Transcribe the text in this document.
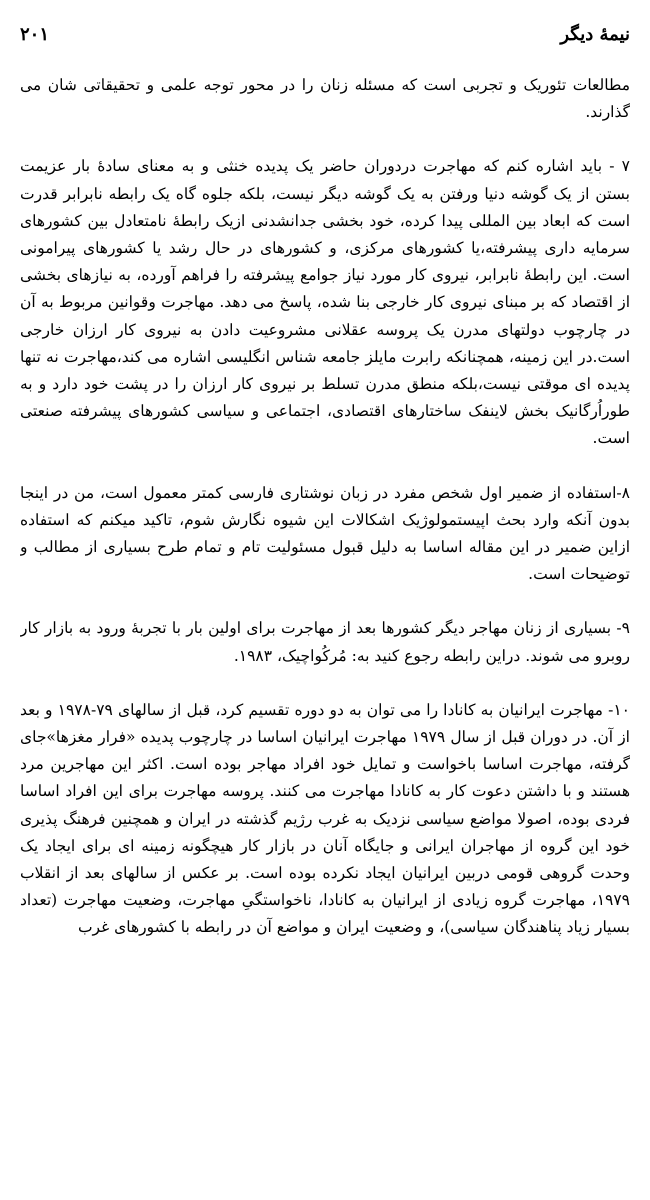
نیمهٔ دیگر
۲۰۱

مطالعات تئوریک و تجربی است که مسئله زنان را در محور توجه علمی و تحقیقاتی شان می گذارند.

۷ - باید اشاره کنم که مهاجرت دردوران حاضر یک پدیده خنثی و به معنای سادهٔ بار عزیمت بستن از یک گوشه دنیا ورفتن به یک گوشه دیگر نیست، بلکه جلوه گاه یک رابطه نابرابر قدرت است که ابعاد بین المللی پیدا کرده، خود بخشی جدانشدنی ازیک رابطهٔ نامتعادل بین کشورهای سرمایه داری پیشرفته،یا کشورهای مرکزی، و کشورهای در حال رشد یا کشورهای پیرامونی است. این رابطهٔ نابرابر، نیروی کار مورد نیاز جوامع پیشرفته را فراهم آورده، به نیازهای بخشی از اقتصاد که بر مبنای نیروی کار خارجی بنا شده، پاسخ می دهد. مهاجرت وقوانین مربوط به آن در چارچوب دولتهای مدرن یک پروسه عقلانی مشروعیت دادن به نیروی کار ارزان خارجی است.در این زمینه، همچنانکه رابرت مایلز جامعه شناس انگلیسی اشاره می کند،مهاجرت نه تنها پدیده ای موقتی نیست،بلکه منطق مدرن تسلط بر نیروی کار ارزان را در پشت خود دارد و به طوراُرگانیک بخش لاینفک ساختارهای اقتصادی، اجتماعی و سیاسی کشورهای پیشرفته صنعتی است.

۸-استفاده از ضمیر اول شخص مفرد در زبان نوشتاری فارسی کمتر معمول است، من در اینجا بدون آنکه وارد بحث اپیستمولوژیک اشکالات این شیوه نگارش شوم، تاکید میکنم که استفاده ازاین ضمیر در این مقاله اساسا به دلیل قبول مسئولیت تام و تمام طرح بسیاری از مطالب و توضیحات است.

۹- بسیاری از زنان مهاجر دیگر کشورها بعد از مهاجرت برای اولین بار با تجربهٔ ورود به بازار کار روبرو می شوند. دراین رابطه رجوع کنید به: مُرکُواچیک، ۱۹۸۳.

۱۰- مهاجرت ایرانیان به کانادا را می توان به دو دوره تقسیم کرد، قبل از سالهای ۷۹-۱۹۷۸ و بعد از آن. در دوران قبل از سال ۱۹۷۹ مهاجرت ایرانیان اساسا در چارچوب پدیده «فرار مغزها»جای گرفته، مهاجرت اساسا باخواست و تمایل خود افراد مهاجر بوده است. اکثر این مهاجرین مرد هستند و با داشتن دعوت کار به کانادا مهاجرت می کنند. پروسه مهاجرت برای این افراد اساسا فردی بوده، اصولا مواضع سیاسی نزدیک به غرب رژیم گذشته در ایران و همچنین فرهنگ پذیری خود این گروه از مهاجران ایرانی و جایگاه آنان در بازار کار هیچگونه زمینه ای برای ایجاد یک وحدت گروهی قومی دربین ایرانیان ایجاد نکرده بوده است. بر عکس از سالهای بعد از انقلاب ۱۹۷۹، مهاجرت گروه زیادی از ایرانیان به کانادا، ناخواستگیِ مهاجرت، وضعیت مهاجرت (تعداد بسیار زیاد پناهندگان سیاسی)، و وضعیت ایران و مواضع آن در رابطه با کشورهای غرب
